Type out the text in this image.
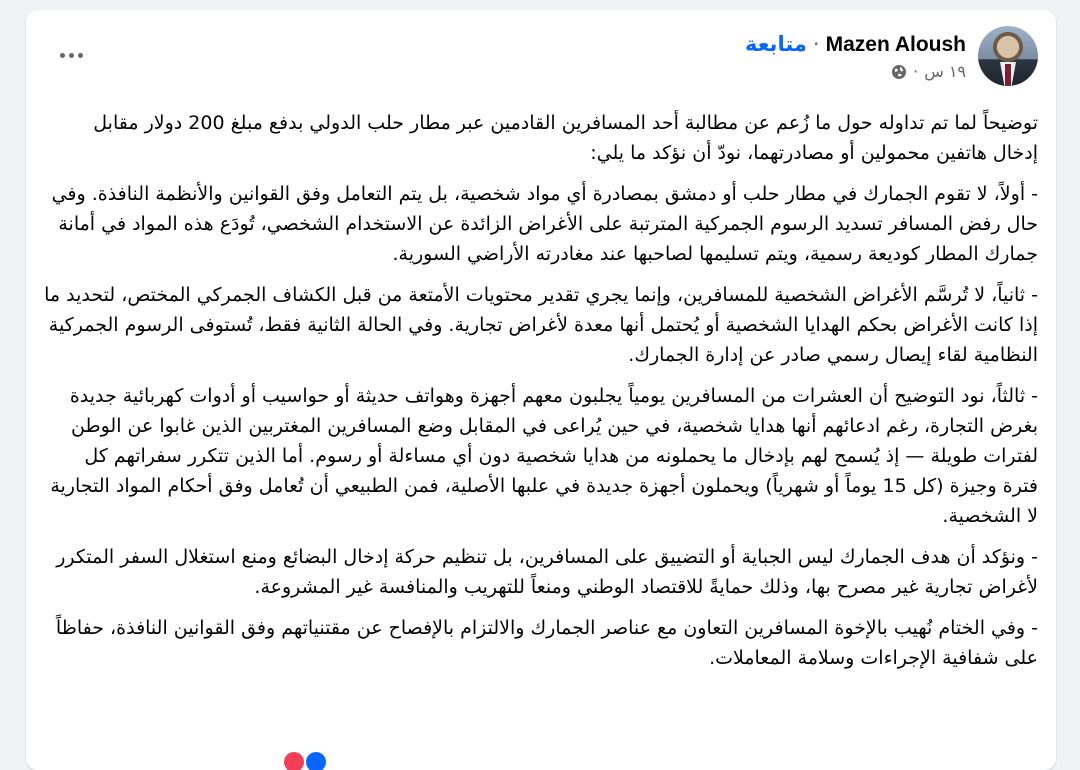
Mazen Aloush·متابعة
١٩ س
·

توضيحاً لما تم تداوله حول ما زُعم عن مطالبة أحد المسافرين القادمين عبر مطار حلب الدولي بدفع مبلغ 200 دولار مقابل إدخال هاتفين محمولين أو مصادرتهما، نودّ أن نؤكد ما يلي:

- أولاً، لا تقوم الجمارك في مطار حلب أو دمشق بمصادرة أي مواد شخصية، بل يتم التعامل وفق القوانين والأنظمة النافذة. وفي حال رفض المسافر تسديد الرسوم الجمركية المترتبة على الأغراض الزائدة عن الاستخدام الشخصي، تُودَع هذه المواد في أمانة جمارك المطار كوديعة رسمية، ويتم تسليمها لصاحبها عند مغادرته الأراضي السورية.

- ثانياً، لا تُرسَّم الأغراض الشخصية للمسافرين، وإنما يجري تقدير محتويات الأمتعة من قبل الكشاف الجمركي المختص، لتحديد ما إذا كانت الأغراض بحكم الهدايا الشخصية أو يُحتمل أنها معدة لأغراض تجارية. وفي الحالة الثانية فقط، تُستوفى الرسوم الجمركية النظامية لقاء إيصال رسمي صادر عن إدارة الجمارك.

- ثالثاً، نود التوضيح أن العشرات من المسافرين يومياً يجلبون معهم أجهزة وهواتف حديثة أو حواسيب أو أدوات كهربائية جديدة بغرض التجارة، رغم ادعائهم أنها هدايا شخصية، في حين يُراعى في المقابل وضع المسافرين المغتربين الذين غابوا عن الوطن لفترات طويلة — إذ يُسمح لهم بإدخال ما يحملونه من هدايا شخصية دون أي مساءلة أو رسوم. أما الذين تتكرر سفراتهم كل فترة وجيزة (كل 15 يوماً أو شهرياً) ويحملون أجهزة جديدة في علبها الأصلية، فمن الطبيعي أن تُعامل وفق أحكام المواد التجارية لا الشخصية.

- ونؤكد أن هدف الجمارك ليس الجباية أو التضييق على المسافرين، بل تنظيم حركة إدخال البضائع ومنع استغلال السفر المتكرر لأغراض تجارية غير مصرح بها، وذلك حمايةً للاقتصاد الوطني ومنعاً للتهريب والمنافسة غير المشروعة.

- وفي الختام نُهيب بالإخوة المسافرين التعاون مع عناصر الجمارك والالتزام بالإفصاح عن مقتنياتهم وفق القوانين النافذة، حفاظاً على شفافية الإجراءات وسلامة المعاملات.
